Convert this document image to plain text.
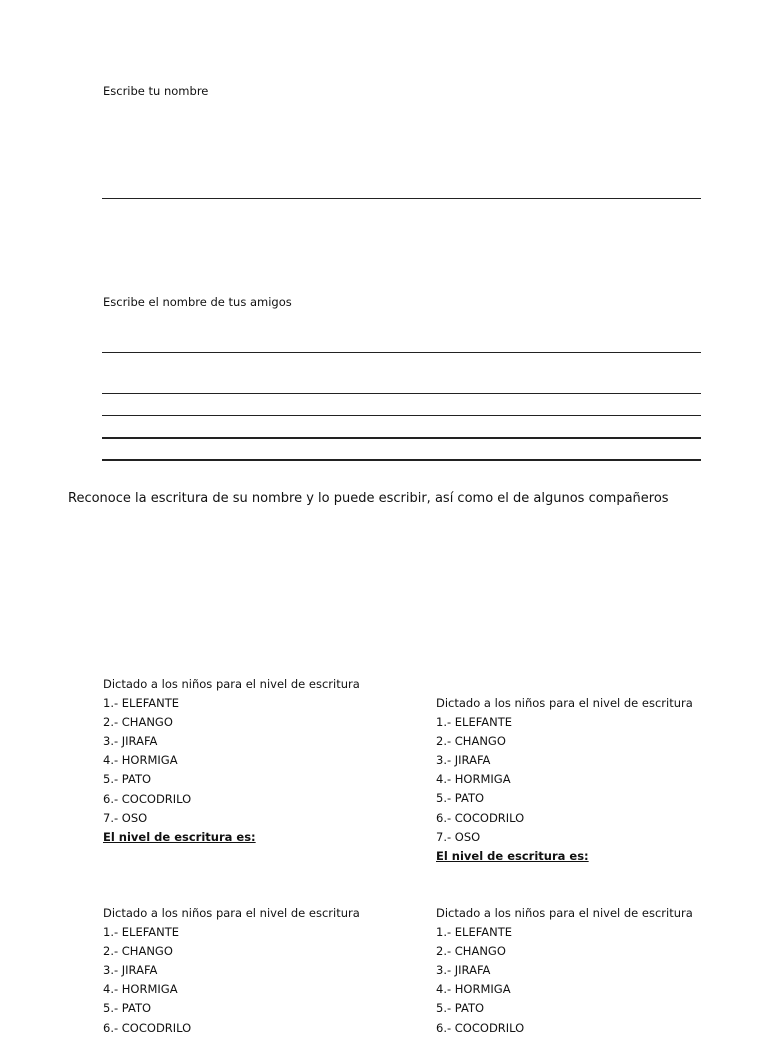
Escribe tu nombre
Escribe el nombre de tus amigos
Reconoce la escritura de su nombre y lo puede escribir, así como el de algunos compañeros
Dictado a los niños para el nivel de escritura
1.- ELEFANTE
2.- CHANGO
3.- JIRAFA
4.- HORMIGA
5.- PATO
6.- COCODRILO
7.- OSO
El nivel de escritura es:
Dictado a los niños para el nivel de escritura
1.- ELEFANTE
2.- CHANGO
3.- JIRAFA
4.- HORMIGA
5.- PATO
6.- COCODRILO
7.- OSO
El nivel de escritura es:
Dictado a los niños para el nivel de escritura
1.- ELEFANTE
2.- CHANGO
3.- JIRAFA
4.- HORMIGA
5.- PATO
6.- COCODRILO
Dictado a los niños para el nivel de escritura
1.- ELEFANTE
2.- CHANGO
3.- JIRAFA
4.- HORMIGA
5.- PATO
6.- COCODRILO
